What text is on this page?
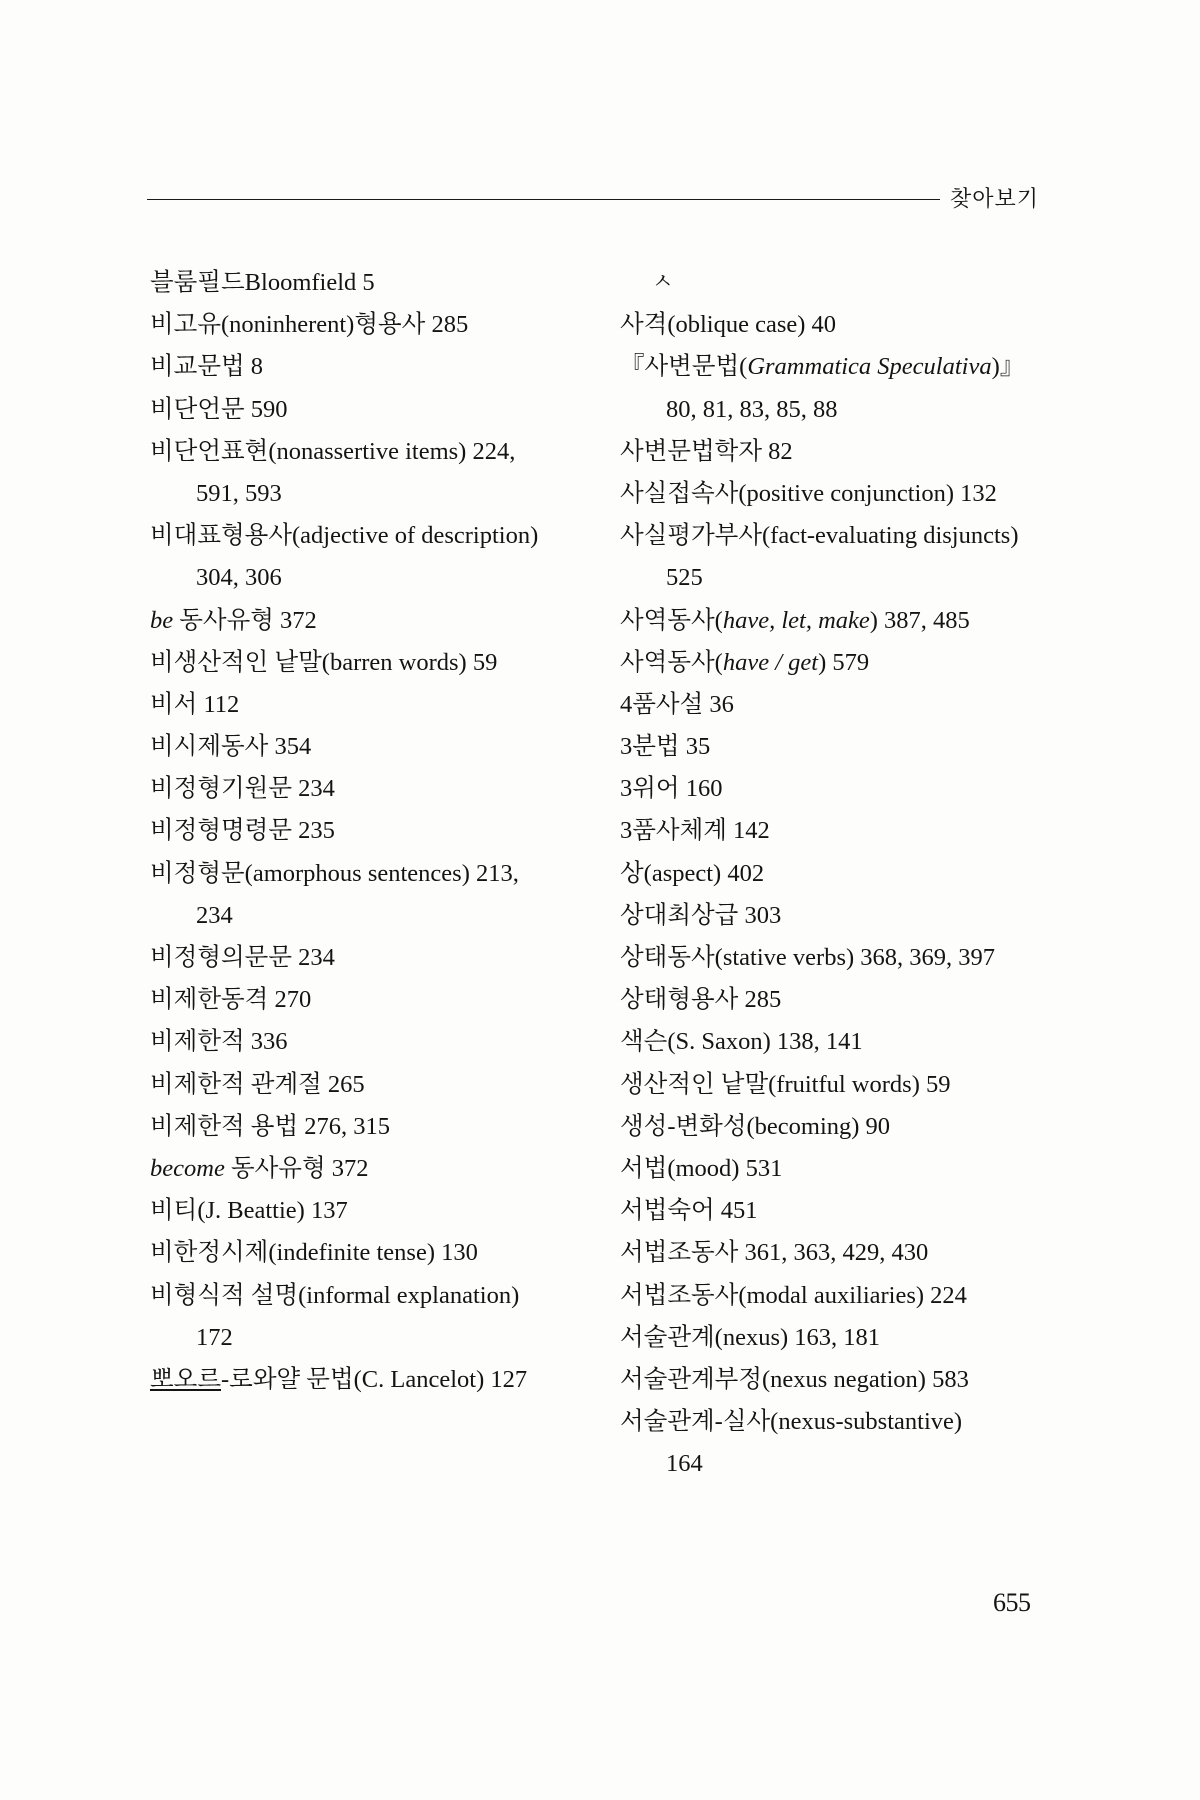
찾아보기
블룸필드Bloomfield 5
비고유(noninherent)형용사 285
비교문법 8
비단언문 590
비단언표현(nonassertive items) 224,
591, 593
비대표형용사(adjective of description)
304, 306
be 동사유형 372
비생산적인 낱말(barren words) 59
비서 112
비시제동사 354
비정형기원문 234
비정형명령문 235
비정형문(amorphous sentences) 213,
234
비정형의문문 234
비제한동격 270
비제한적 336
비제한적 관계절 265
비제한적 용법 276, 315
become 동사유형 372
비티(J. Beattie) 137
비한정시제(indefinite tense) 130
비형식적 설명(informal explanation)
172
뽀오르-로와얄 문법(C. Lancelot) 127
ㅅ
사격(oblique case) 40
『사변문법(Grammatica Speculativa)』
80, 81, 83, 85, 88
사변문법학자 82
사실접속사(positive conjunction) 132
사실평가부사(fact-evaluating disjuncts)
525
사역동사(have, let, make) 387, 485
사역동사(have / get) 579
4품사설 36
3분법 35
3위어 160
3품사체계 142
상(aspect) 402
상대최상급 303
상태동사(stative verbs) 368, 369, 397
상태형용사 285
색슨(S. Saxon) 138, 141
생산적인 낱말(fruitful words) 59
생성-변화성(becoming) 90
서법(mood) 531
서법숙어 451
서법조동사 361, 363, 429, 430
서법조동사(modal auxiliaries) 224
서술관계(nexus) 163, 181
서술관계부정(nexus negation) 583
서술관계-실사(nexus-substantive)
164
655
